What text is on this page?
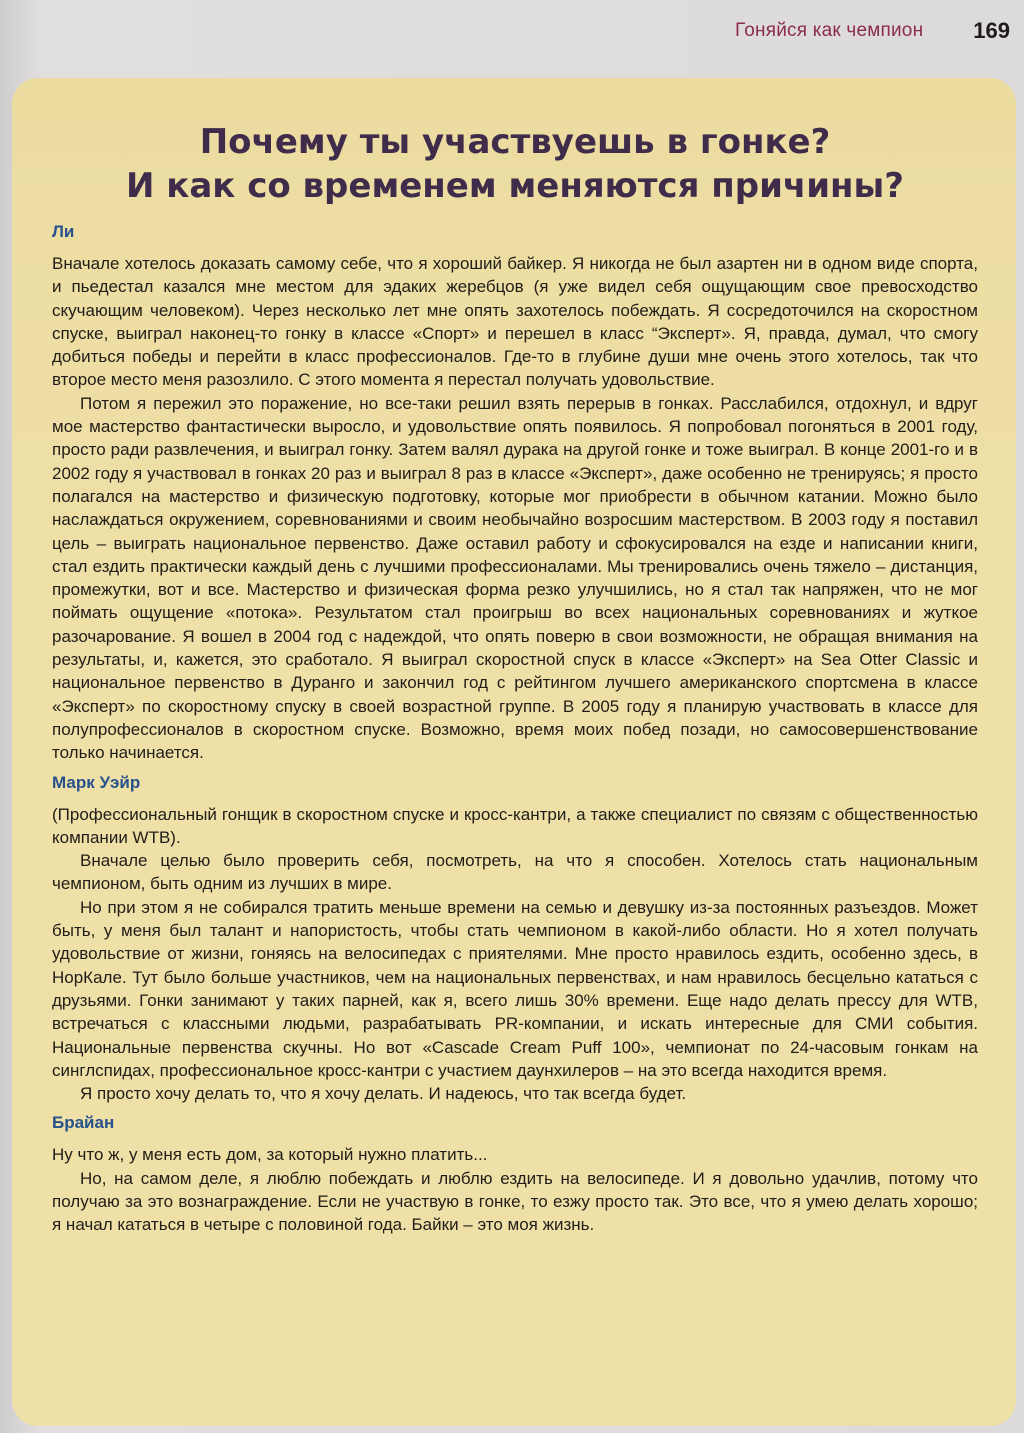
Гоняйся как чемпион 169
Почему ты участвуешь в гонке?
И как со временем меняются причины?
Ли

Вначале хотелось доказать самому себе, что я хороший байкер. Я никогда не был азартен ни в одном виде спорта, и пьедестал казался мне местом для эдаких жеребцов (я уже видел себя ощущающим свое превосходство скучающим человеком). Через несколько лет мне опять захотелось побеждать. Я сосредоточился на скоростном спуске, выиграл наконец-то гонку в классе «Спорт» и перешел в класс “Эксперт». Я, правда, думал, что смогу добиться победы и перейти в класс профессионалов. Где-то в глубине души мне очень этого хотелось, так что второе место меня разозлило. С этого момента я перестал получать удовольствие.

Потом я пережил это поражение, но все-таки решил взять перерыв в гонках. Расслабился, отдохнул, и вдруг мое мастерство фантастически выросло, и удовольствие опять появилось. Я попробовал погоняться в 2001 году, просто ради развлечения, и выиграл гонку. Затем валял дурака на другой гонке и тоже выиграл. В конце 2001-го и в 2002 году я участвовал в гонках 20 раз и выиграл 8 раз в классе «Эксперт», даже особенно не тренируясь; я просто полагался на мастерство и физическую подготовку, которые мог приобрести в обычном катании. Можно было наслаждаться окружением, соревнованиями и своим необычайно возросшим мастерством. В 2003 году я поставил цель – выиграть национальное первенство. Даже оставил работу и сфокусировался на езде и написании книги, стал ездить практически каждый день с лучшими профессионалами. Мы тренировались очень тяжело – дистанция, промежутки, вот и все. Мастерство и физическая форма резко улучшились, но я стал так напряжен, что не мог поймать ощущение «потока». Результатом стал проигрыш во всех национальных соревнованиях и жуткое разочарование. Я вошел в 2004 год с надеждой, что опять поверю в свои возможности, не обращая внимания на результаты, и, кажется, это сработало. Я выиграл скоростной спуск в классе «Эксперт» на Sea Otter Classic и национальное первенство в Дуранго и закончил год с рейтингом лучшего американского спортсмена в классе «Эксперт» по скоростному спуску в своей возрастной группе. В 2005 году я планирую участвовать в классе для полупрофессионалов в скоростном спуске. Возможно, время моих побед позади, но самосовершенствование только начинается.

Марк Уэйр

(Профессиональный гонщик в скоростном спуске и кросс-кантри, а также специалист по связям с общественностью компании WTB).

Вначале целью было проверить себя, посмотреть, на что я способен. Хотелось стать национальным чемпионом, быть одним из лучших в мире.

Но при этом я не собирался тратить меньше времени на семью и девушку из-за постоянных разъездов. Может быть, у меня был талант и напористость, чтобы стать чемпионом в какой-либо области. Но я хотел получать удовольствие от жизни, гоняясь на велосипедах с приятелями. Мне просто нравилось ездить, особенно здесь, в НорКале. Тут было больше участников, чем на национальных первенствах, и нам нравилось бесцельно кататься с друзьями. Гонки занимают у таких парней, как я, всего лишь 30% времени. Еще надо делать прессу для WTB, встречаться с классными людьми, разрабатывать PR-компании, и искать интересные для СМИ события. Национальные первенства скучны. Но вот «Cascade Cream Puff 100», чемпионат по 24-часовым гонкам на синглспидах, профессиональное кросс-кантри с участием даунхилеров – на это всегда находится время.

Я просто хочу делать то, что я хочу делать. И надеюсь, что так всегда будет.

Брайан

Ну что ж, у меня есть дом, за который нужно платить...

Но, на самом деле, я люблю побеждать и люблю ездить на велосипеде. И я довольно удачлив, потому что получаю за это вознаграждение. Если не участвую в гонке, то езжу просто так. Это все, что я умею делать хорошо; я начал кататься в четыре с половиной года. Байки – это моя жизнь.
